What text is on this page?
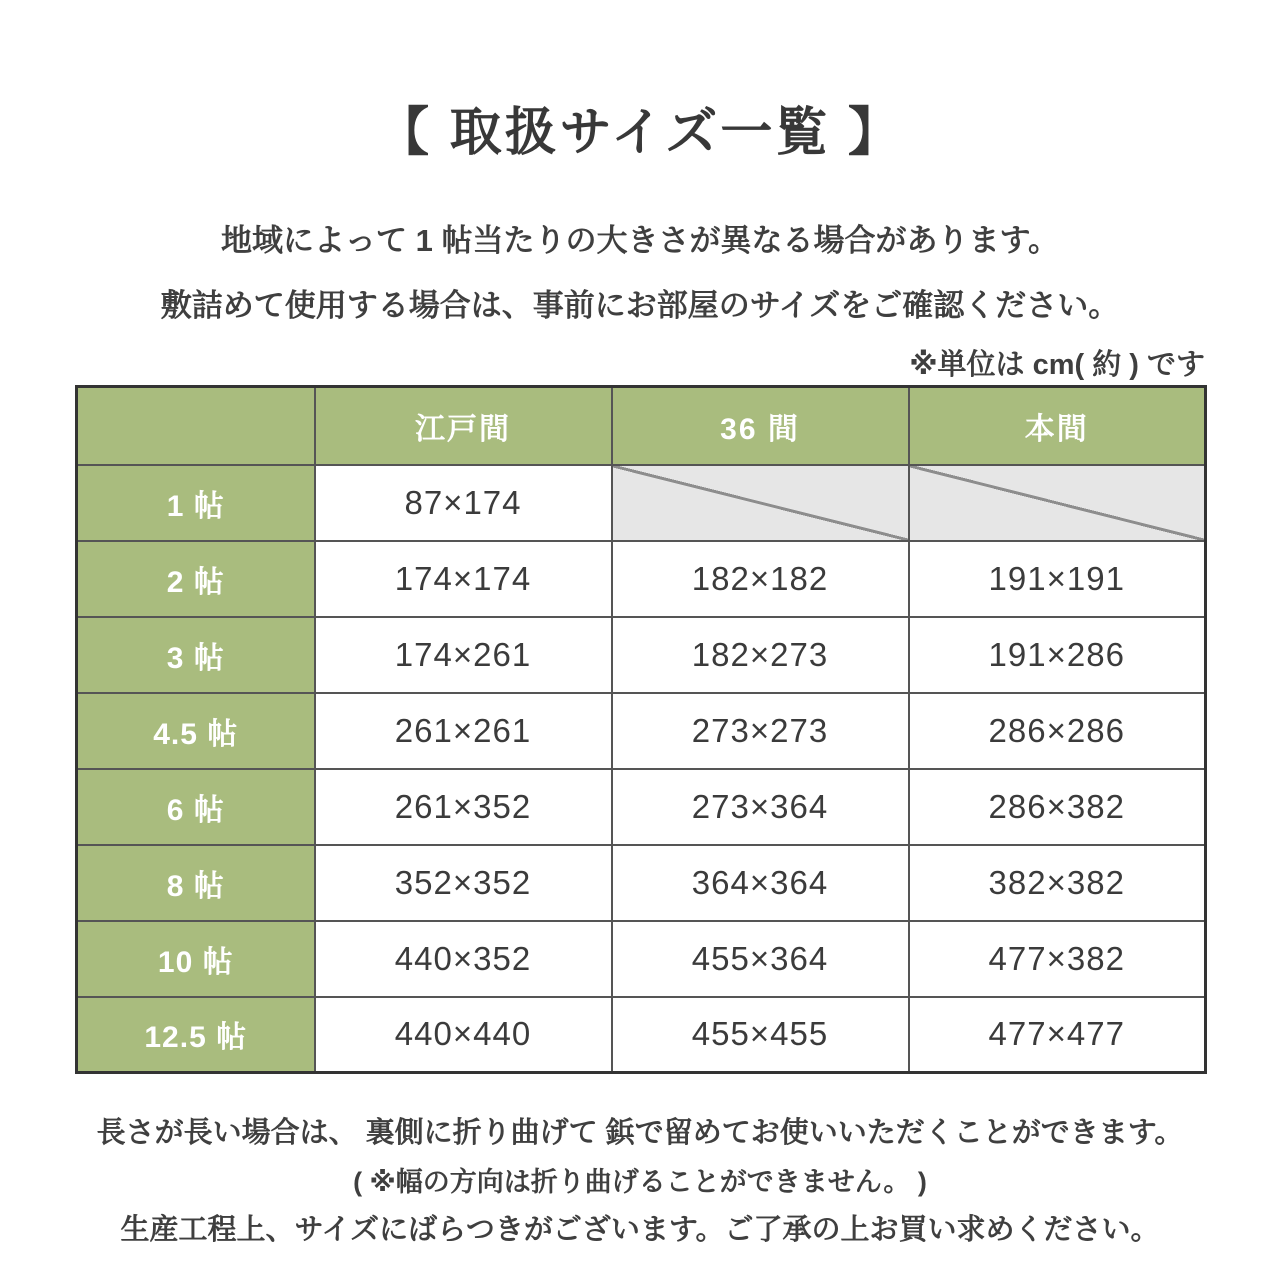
【 取扱サイズ一覧 】
地域によって 1 帖当たりの大きさが異なる場合があります。
敷詰めて使用する場合は、事前にお部屋のサイズをご確認ください。
※単位は cm( 約 ) です
	江戸間	36 間	本間
1 帖	87×174		
2 帖	174×174	182×182	191×191
3 帖	174×261	182×273	191×286
4.5 帖	261×261	273×273	286×286
6 帖	261×352	273×364	286×382
8 帖	352×352	364×364	382×382
10 帖	440×352	455×364	477×382
12.5 帖	440×440	455×455	477×477
長さが長い場合は、 裏側に折り曲げて 鋲で留めてお使いいただくことができます。
( ※幅の方向は折り曲げることができません。 )
生産工程上、サイズにばらつきがございます。ご了承の上お買い求めください。
